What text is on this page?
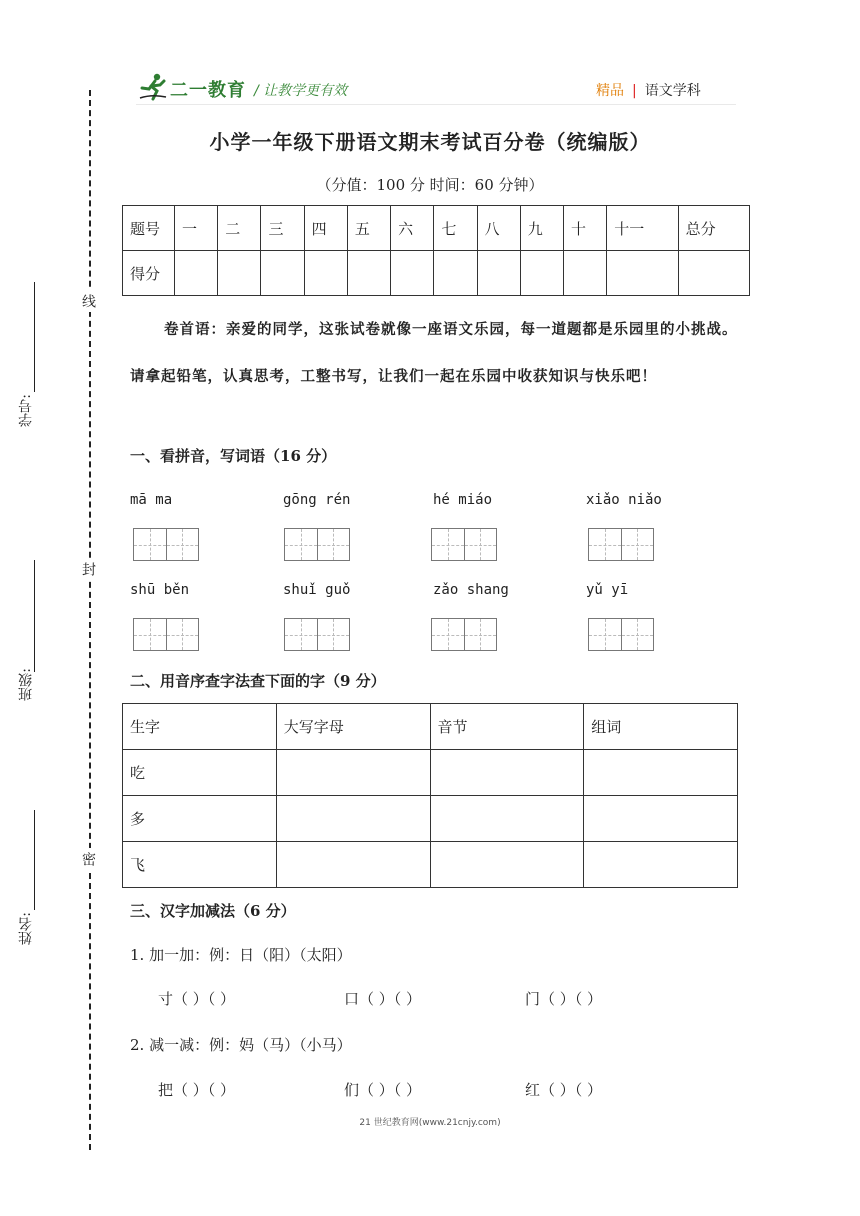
二一教育 / 让教学更有效	精品 | 语文学科
线
封
密
学号:
班级:
姓名:
小学一年级下册语文期末考试百分卷（统编版）
（分值：100 分 时间：60 分钟）
题号	一	二	三	四	五	六	七	八	九	十	十一	总分
得分												
卷首语：亲爱的同学，这张试卷就像一座语文乐园，每一道题都是乐园里的小挑战。请拿起铅笔，认真思考，工整书写，让我们一起在乐园中收获知识与快乐吧！
一、看拼音，写词语（16 分）
mā ma	gōng rén	hé miáo	xiǎo niǎo
shū běn	shuǐ guǒ	zǎo shang	yǔ yī
二、用音序查字法查下面的字（9 分）
生字	大写字母	音节	组词
吃			
多			
飞			
三、汉字加减法（6 分）
1. 加一加：例：日（阳）（太阳）
寸（ ）（ ）	口（ ）（ ）	门（ ）（ ）
2. 减一减：例：妈（马）（小马）
把（ ）（ ）	们（ ）（ ）	红（ ）（ ）
21 世纪教育网(www.21cnjy.com)
